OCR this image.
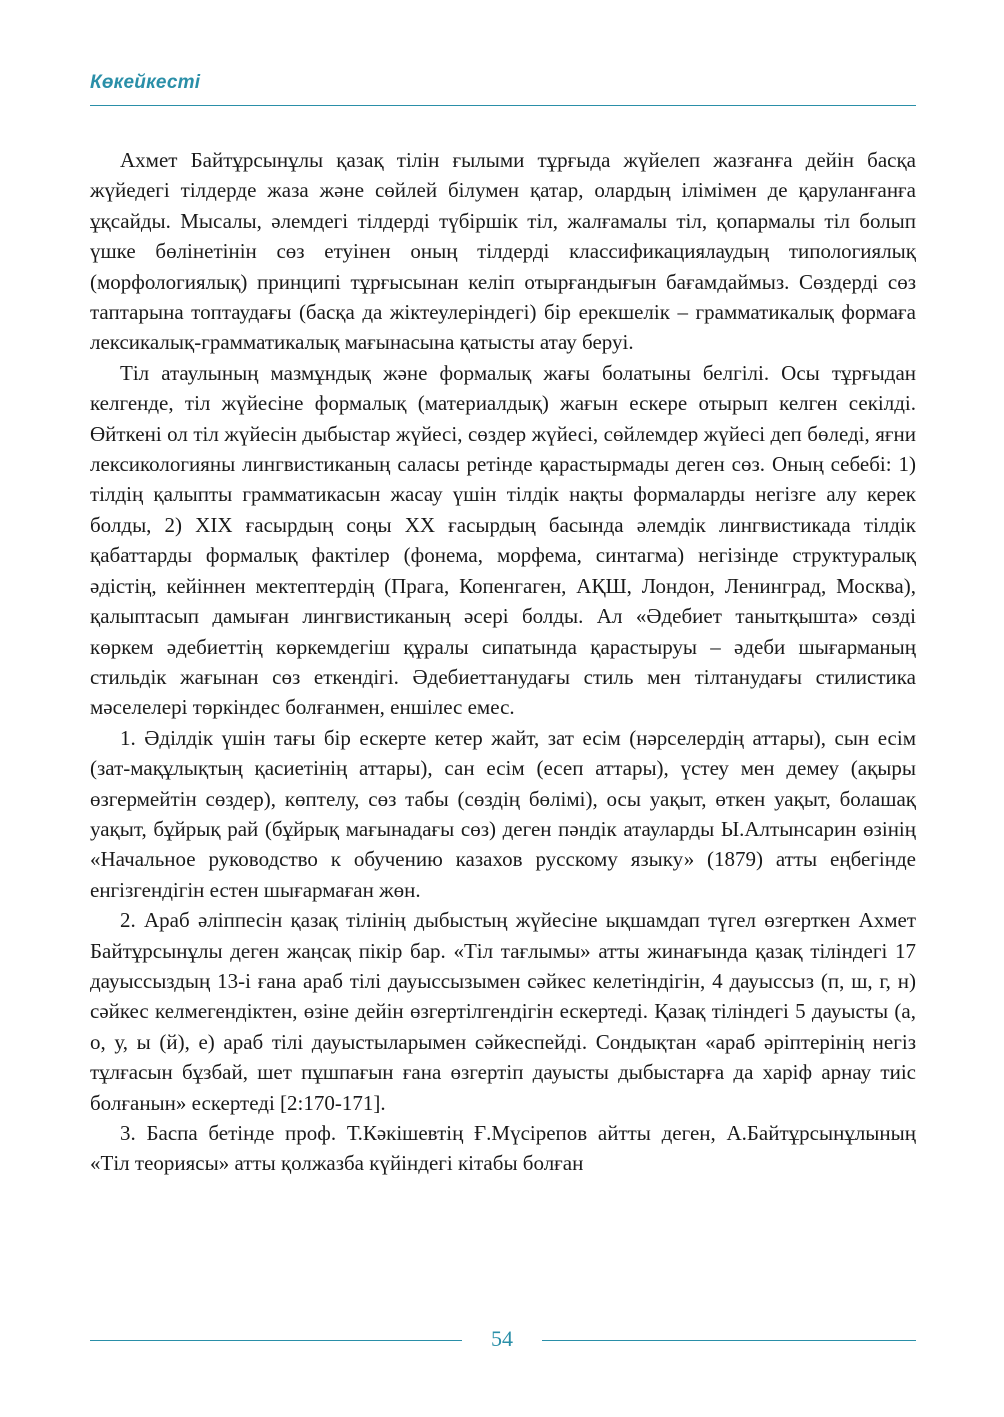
Көкейкесті

Ахмет Байтұрсынұлы қазақ тілін ғылыми тұрғыда жүйелеп жазғанға дейін басқа жүйедегі тілдерде жаза және сөйлей білумен қатар, олардың ілімімен де қаруланғанға ұқсайды. Мысалы, әлемдегі тілдерді түбіршік тіл, жалғамалы тіл, қопармалы тіл болып үшке бөлінетінін сөз етуінен оның тілдерді классификациялаудың типологиялық (морфологиялық) принципі тұрғысынан келіп отырғандығын бағамдаймыз. Сөздерді сөз таптарына топтаудағы (басқа да жіктеулеріндегі) бір ерекшелік – грамматикалық формаға лексикалық-грамматикалық мағынасына қатысты атау беруі.

Тіл атаулының мазмұндық және формалық жағы болатыны белгілі. Осы тұрғыдан келгенде, тіл жүйесіне формалық (материалдық) жағын ескере отырып келген секілді. Өйткені ол тіл жүйесін дыбыстар жүйесі, сөздер жүйесі, сөйлемдер жүйесі деп бөледі, яғни лексикологияны лингвистиканың саласы ретінде қарастырмады деген сөз. Оның себебі: 1) тілдің қалыпты грамматикасын жасау үшін тілдік нақты формаларды негізге алу керек болды, 2) XIX ғасырдың соңы XX ғасырдың басында әлемдік лингвистикада тілдік қабаттарды формалық фактілер (фонема, морфема, синтагма) негізінде структуралық әдістің, кейіннен мектептердің (Прага, Копенгаген, АҚШ, Лондон, Ленинград, Москва), қалыптасып дамыған лингвистиканың әсері болды. Ал «Әдебиет танытқышта» сөзді көркем әдебиеттің көркемдегіш құралы сипатында қарастыруы – әдеби шығарманың стильдік жағынан сөз еткендігі. Әдебиеттанудағы стиль мен тілтанудағы стилистика мәселелері төркіндес болғанмен, еншілес емес.

1. Әділдік үшін тағы бір ескерте кетер жайт, зат есім (нәрселердің аттары), сын есім (зат-мақұлықтың қасиетінің аттары), сан есім (есеп аттары), үстеу мен демеу (ақыры өзгермейтін сөздер), көптелу, сөз табы (сөздің бөлімі), осы уақыт, өткен уақыт, болашақ уақыт, бұйрық рай (бұйрық мағынадағы сөз) деген пәндік атауларды Ы.Алтынсарин өзінің «Начальное руководство к обучению казахов русскому языку» (1879) атты еңбегінде енгізгендігін естен шығармаған жөн.

2. Араб әліппесін қазақ тілінің дыбыстың жүйесіне ықшамдап түгел өзгерткен Ахмет Байтұрсынұлы деген жаңсақ пікір бар. «Тіл тағлымы» атты жинағында қазақ тіліндегі 17 дауыссыздың 13-і ғана араб тілі дауыссызымен сәйкес келетіндігін, 4 дауыссыз (п, ш, г, н) сәйкес келмегендіктен, өзіне дейін өзгертілгендігін ескертеді. Қазақ тіліндегі 5 дауысты (а, о, у, ы (й), е) араб тілі дауыстыларымен сәйкеспейді. Сондықтан «араб әріптерінің негіз тұлғасын бұзбай, шет пұшпағын ғана өзгертіп дауысты дыбыстарға да харіф арнау тиіс болғанын» ескертеді [2:170-171].

3. Баспа бетінде проф. Т.Кәкішевтің Ғ.Мүсірепов айтты деген, А.Байтұрсынұлының «Тіл теориясы» атты қолжазба күйіндегі кітабы болған

54
